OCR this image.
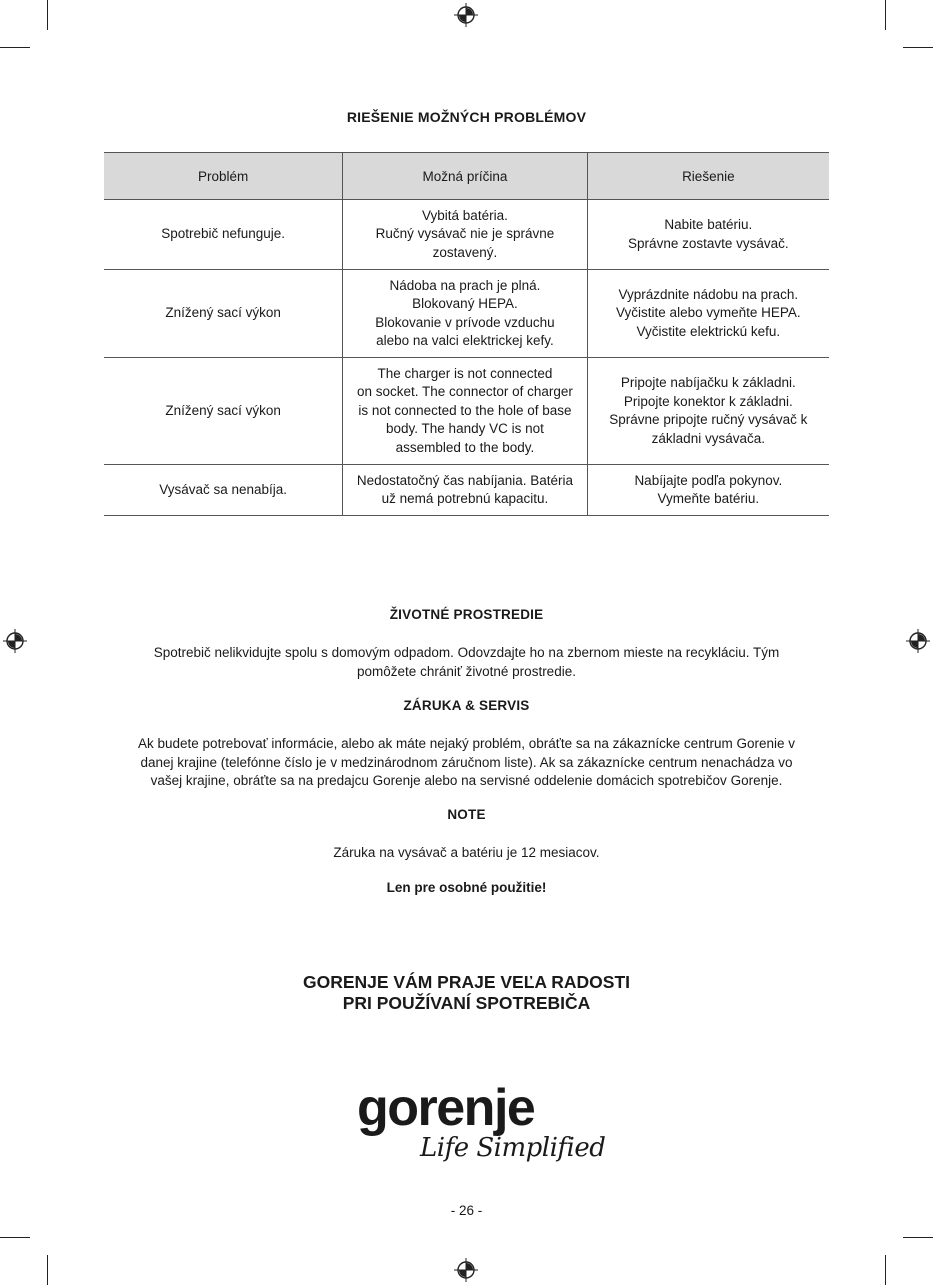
RIEŠENIE MOŽNÝCH PROBLÉMOV
Problém	Možná príčina	Riešenie
Spotrebič nefunguje.	Vybitá batéria.
Ručný vysávač nie je správne
zostavený.	Nabite batériu.
Správne zostavte vysávač.

Znížený sací výkon	Nádoba na prach je plná.
Blokovaný HEPA.
Blokovanie v prívode vzduchu
alebo na valci elektrickej kefy.	Vyprázdnite nádobu na prach.
Vyčistite alebo vymeňte HEPA.
Vyčistite elektrickú kefu.

Znížený sací výkon	The charger is not connected
on socket. The connector of charger
is not connected to the hole of base
body. The handy VC is not
assembled to the body.	Pripojte nabíjačku k základni.
Pripojte konektor k základni.
Správne pripojte ručný vysávač k
základni vysávača.

Vysávač sa nenabíja.	Nedostatočný čas nabíjania. Batéria
už nemá potrebnú kapacitu.	Nabíjajte podľa pokynov.
Vymeňte batériu.
ŽIVOTNÉ PROSTREDIE
Spotrebič nelikvidujte spolu s domovým odpadom. Odovzdajte ho na zbernom mieste na recykláciu. Tým
pomôžete chrániť životné prostredie.
ZÁRUKA & SERVIS
Ak budete potrebovať informácie, alebo ak máte nejaký problém, obráťte sa na zákaznícke centrum Gorenie v
danej krajine (telefónne číslo je v medzinárodnom záručnom liste). Ak sa zákaznícke centrum nenachádza vo
vašej krajine, obráťte sa na predajcu Gorenje alebo na servisné oddelenie domácich spotrebičov Gorenje.
NOTE
Záruka na vysávač a batériu je 12 mesiacov.
Len pre osobné použitie!
GORENJE VÁM PRAJE VEĽA RADOSTI
PRI POUŽÍVANÍ SPOTREBIČA
gorenje
Life Simplified
- 26 -
